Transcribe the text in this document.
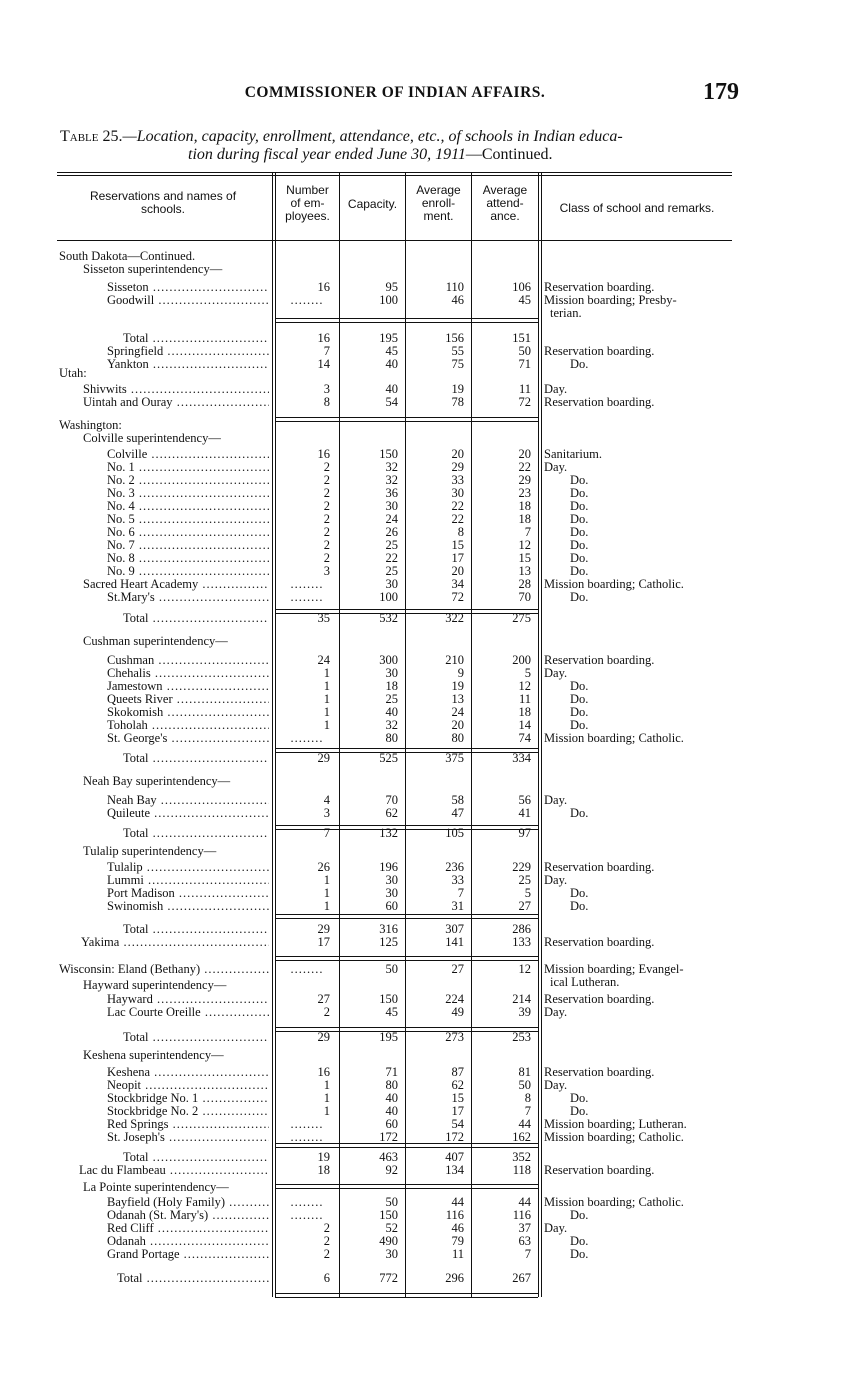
COMMISSIONER OF INDIAN AFFAIRS.	179
Table 25.—Location, capacity, enrollment, attendance, etc., of schools in Indian educa-
tion during fiscal year ended June 30, 1911—Continued.
Reservations and names of
schools.
Number
of em-
ployees.
Capacity.
Average
enroll-
ment.
Average
attend-
ance.
Class of school and remarks.
South Dakota—Continued.
Sisseton superintendency—
Utah:
Washington:
Colville superintendency—
Cushman superintendency—
Neah Bay superintendency—
Tulalip superintendency—
Hayward superintendency—
Keshena superintendency—
La Pointe superintendency—
Sisseton .....	16	95	110	106 Reservation boarding.
Goodwill .....	........	100	46	45 Mission boarding; Presby-
terian.
Total .....	16	195	156	151
Springfield .....	7	45	55	50 Reservation boarding.
Yankton .....	14	40	75	71	Do.
Shivwits .....	3	40	19	11 Day.
Uintah and Ouray .....	8	54	78	72 Reservation boarding.
Colville .....	16	150	20	20 Sanitarium.
No. 1 .....	2	32	29	22 Day.
No. 2 .....	2	32	33	29	Do.
No. 3 .....	2	36	30	23	Do.
No. 4 .....	2	30	22	18	Do.
No. 5 .....	2	24	22	18	Do.
No. 6 .....	2	26	8	7	Do.
No. 7 .....	2	25	15	12	Do.
No. 8 .....	2	22	17	15	Do.
No. 9 .....	3	25	20	13	Do.
Sacred Heart Academy .....	........	30	34	28 Mission boarding; Catholic.
St.Mary's .....	........	100	72	70	Do.
Total .....	35	532	322	275
Cushman .....	24	300	210	200 Reservation boarding.
Chehalis .....	1	30	9	5 Day.
Jamestown .....	1	18	19	12	Do.
Queets River .....	1	25	13	11	Do.
Skokomish .....	1	40	24	18	Do.
Toholah .....	1	32	20	14	Do.
St. George's .....	........	80	80	74 Mission boarding; Catholic.
Total .....	29	525	375	334
Neah Bay .....	4	70	58	56 Day.
Quileute .....	3	62	47	41	Do.
Total .....	7	132	105	97
Tulalip .....	26	196	236	229 Reservation boarding.
Lummi .....	1	30	33	25 Day.
Port Madison .....	1	30	7	5	Do.
Swinomish .....	1	60	31	27	Do.
Total .....	29	316	307	286
Yakima .....	17	125	141	133 Reservation boarding.
Wisconsin: Eland (Bethany) .....	........	50	27	12 Mission boarding; Evangel-
ical Lutheran.
Hayward .....	27	150	224	214 Reservation boarding.
Lac Courte Oreille .....	2	45	49	39 Day.
Total .....	29	195	273	253
Keshena .....	16	71	87	81 Reservation boarding.
Neopit .....	1	80	62	50 Day.
Stockbridge No. 1 .....	1	40	15	8	Do.
Stockbridge No. 2 .....	1	40	17	7	Do.
Red Springs .....	........	60	54	44 Mission boarding; Lutheran.
St. Joseph's .....	........	172	172	162 Mission boarding; Catholic.
Total .....	19	463	407	352
Lac du Flambeau .....	18	92	134	118 Reservation boarding.
Bayfield (Holy Family) .....	........	50	44	44 Mission boarding; Catholic.
Odanah (St. Mary's) .....	........	150	116	116	Do.
Red Cliff .....	2	52	46	37 Day.
Odanah .....	2	490	79	63	Do.
Grand Portage .....	2	30	11	7	Do.
Total .....	6	772	296	267
